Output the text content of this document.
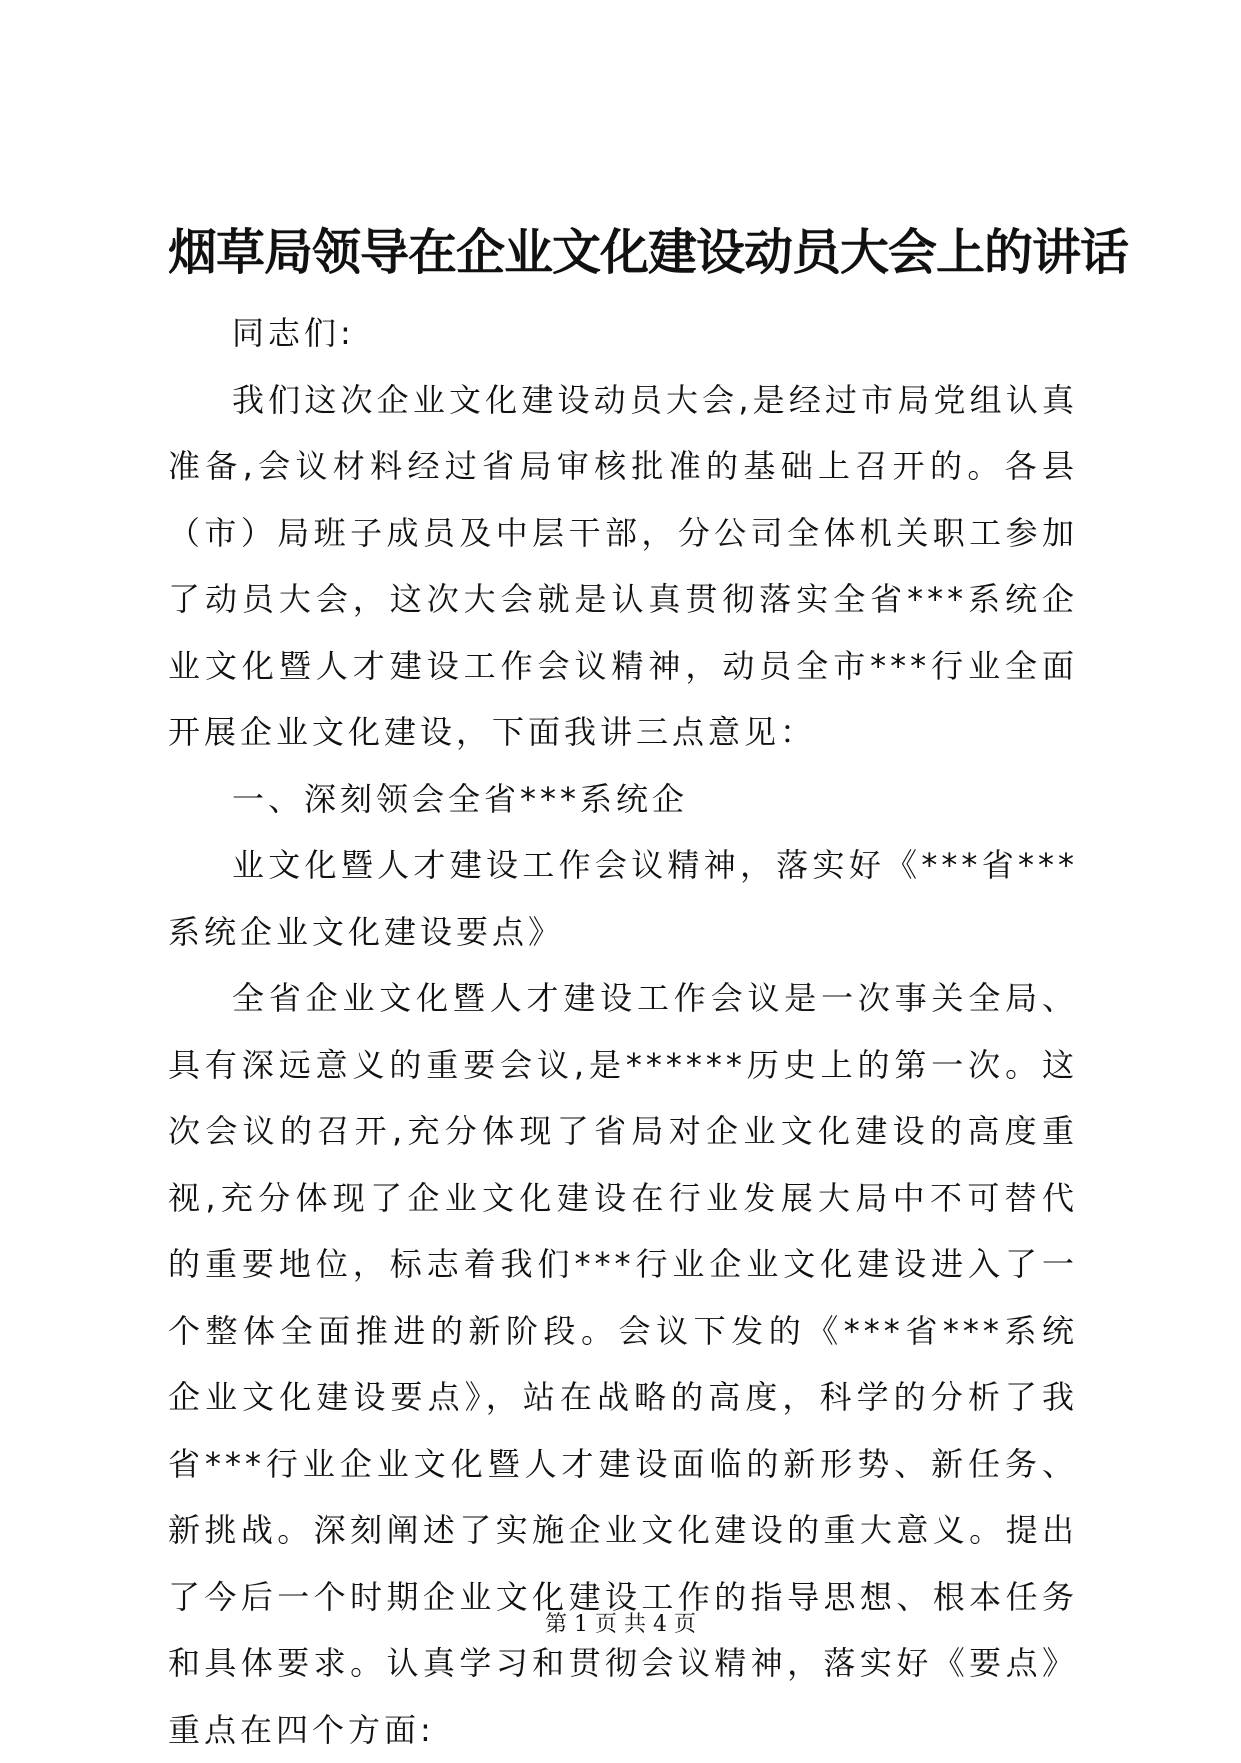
烟草局领导在企业文化建设动员大会上的讲话

同志们:

我们这次企业文化建设动员大会,是经过市局党组认真准备,会议材料经过省局审核批准的基础上召开的。各县（市）局班子成员及中层干部，分公司全体机关职工参加了动员大会，这次大会就是认真贯彻落实全省***系统企业文化暨人才建设工作会议精神，动员全市***行业全面开展企业文化建设，下面我讲三点意见：

一、深刻领会全省***系统企

业文化暨人才建设工作会议精神，落实好《***省***系统企业文化建设要点》

全省企业文化暨人才建设工作会议是一次事关全局、具有深远意义的重要会议,是******历史上的第一次。这次会议的召开,充分体现了省局对企业文化建设的高度重视,充分体现了企业文化建设在行业发展大局中不可替代的重要地位，标志着我们***行业企业文化建设进入了一个整体全面推进的新阶段。会议下发的《***省***系统企业文化建设要点》，站在战略的高度，科学的分析了我省***行业企业文化暨人才建设面临的新形势、新任务、新挑战。深刻阐述了实施企业文化建设的重大意义。提出了今后一个时期企业文化建设工作的指导思想、根本任务和具体要求。认真学习和贯彻会议精神，落实好《要点》重点在四个方面:

第 1 页 共 4 页
